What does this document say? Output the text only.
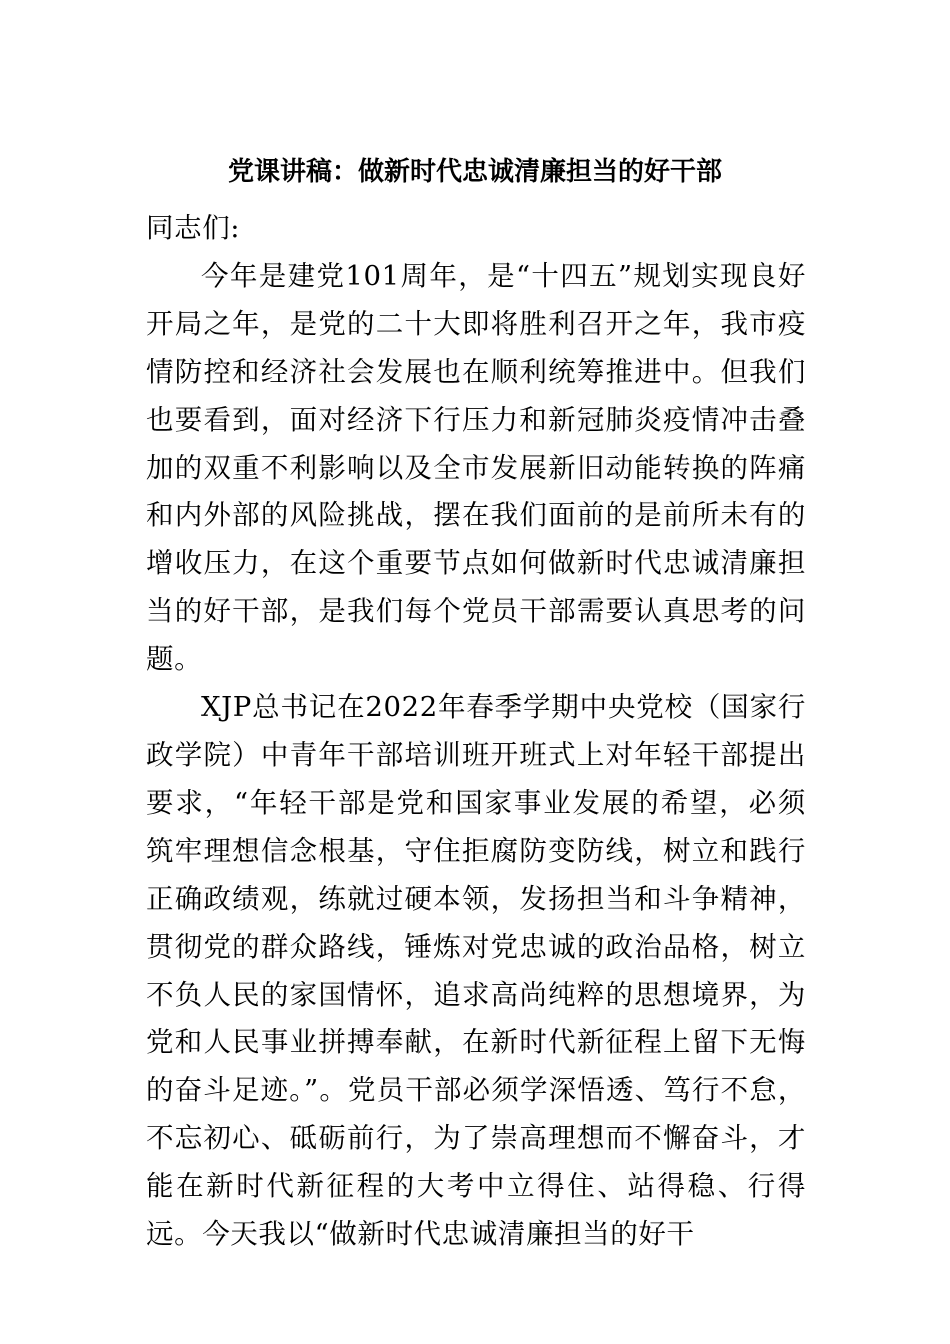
党课讲稿：做新时代忠诚清廉担当的好干部

同志们:

今年是建党101周年，是“十四五”规划实现良好开局之年，是党的二十大即将胜利召开之年，我市疫情防控和经济社会发展也在顺利统筹推进中。但我们也要看到，面对经济下行压力和新冠肺炎疫情冲击叠加的双重不利影响以及全市发展新旧动能转换的阵痛和内外部的风险挑战，摆在我们面前的是前所未有的增收压力，在这个重要节点如何做新时代忠诚清廉担当的好干部，是我们每个党员干部需要认真思考的问题。

XJP总书记在2022年春季学期中央党校（国家行政学院）中青年干部培训班开班式上对年轻干部提出要求，“年轻干部是党和国家事业发展的希望，必须筑牢理想信念根基，守住拒腐防变防线，树立和践行正确政绩观，练就过硬本领，发扬担当和斗争精神，贯彻党的群众路线，锤炼对党忠诚的政治品格，树立不负人民的家国情怀，追求高尚纯粹的思想境界，为党和人民事业拼搏奉献，在新时代新征程上留下无悔的奋斗足迹。”。党员干部必须学深悟透、笃行不怠，不忘初心、砥砺前行，为了崇高理想而不懈奋斗，才能在新时代新征程的大考中立得住、站得稳、行得远。今天我以“做新时代忠诚清廉担当的好干
